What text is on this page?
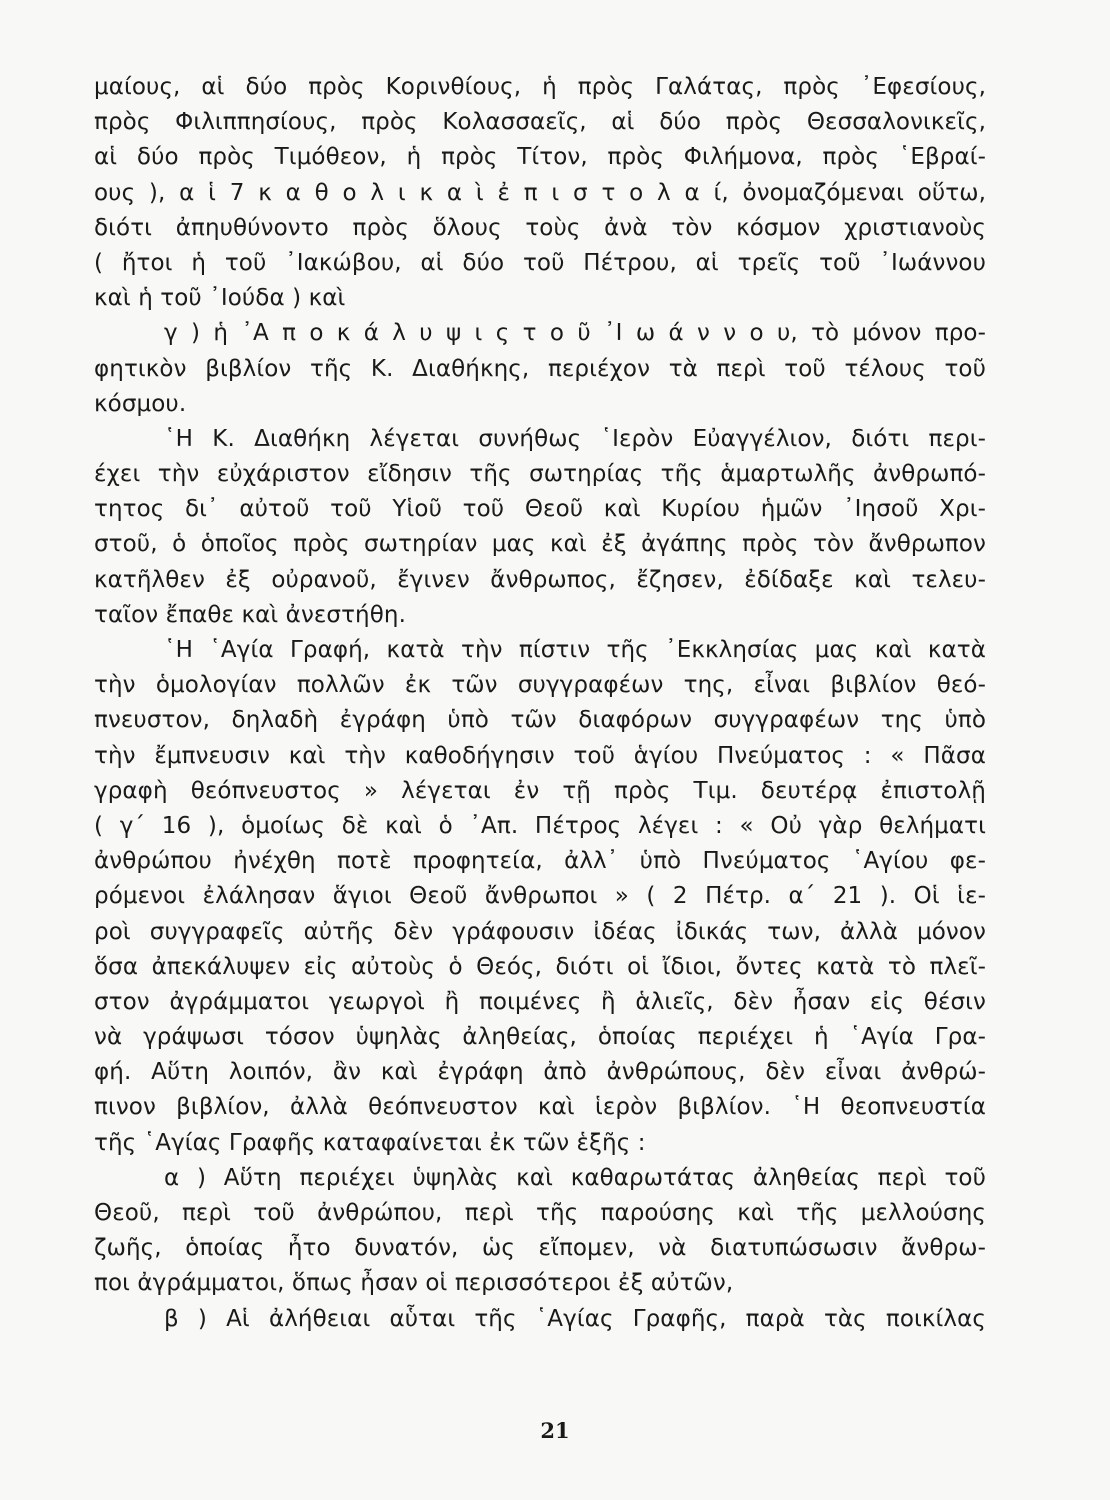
μαίους, αἱ δύο πρὸς Κορινθίους, ἡ πρὸς Γαλάτας, πρὸς ᾿Εφεσίους,
πρὸς Φιλιππησίους, πρὸς Κολασσαεῖς, αἱ δύο πρὸς Θεσσαλονικεῖς,
αἱ δύο πρὸς Τιμόθεον, ἡ πρὸς Τίτον, πρὸς Φιλήμονα, πρὸς ῾Εβραί-
ους ), α ἱ 7 κ α θ ο λ ι κ α ὶ ἐ π ι σ τ ο λ α ί, ὀνομαζόμεναι οὕτω,
διότι ἀπηυθύνοντο πρὸς ὅλους τοὺς ἀνὰ τὸν κόσμον χριστιανοὺς
( ἤτοι ἡ τοῦ ᾿Ιακώβου, αἱ δύο τοῦ Πέτρου, αἱ τρεῖς τοῦ ᾿Ιωάννου
καὶ ἡ τοῦ ᾿Ιούδα ) καὶ
γ ) ἡ ᾿Α π ο κ ά λ υ ψ ι ς τ ο ῦ ᾿Ι ω ά ν ν ο υ, τὸ μόνον προ-
φητικὸν βιβλίον τῆς Κ. Διαθήκης, περιέχον τὰ περὶ τοῦ τέλους τοῦ
κόσμου.
῾Η Κ. Διαθήκη λέγεται συνήθως ῾Ιερὸν Εὐαγγέλιον, διότι περι-
έχει τὴν εὐχάριστον εἴδησιν τῆς σωτηρίας τῆς ἁμαρτωλῆς ἀνθρωπό-
τητος δι᾿ αὐτοῦ τοῦ Υἱοῦ τοῦ Θεοῦ καὶ Κυρίου ἡμῶν ᾿Ιησοῦ Χρι-
στοῦ, ὁ ὁποῖος πρὸς σωτηρίαν μας καὶ ἐξ ἀγάπης πρὸς τὸν ἄνθρωπον
κατῆλθεν ἐξ οὐρανοῦ, ἔγινεν ἄνθρωπος, ἔζησεν, ἐδίδαξε καὶ τελευ-
ταῖον ἔπαθε καὶ ἀνεστήθη.
῾Η ῾Αγία Γραφή, κατὰ τὴν πίστιν τῆς ᾿Εκκλησίας μας καὶ κατὰ
τὴν ὁμολογίαν πολλῶν ἐκ τῶν συγγραφέων της, εἶναι βιβλίον θεό-
πνευστον, δηλαδὴ ἐγράφη ὑπὸ τῶν διαφόρων συγγραφέων της ὑπὸ
τὴν ἔμπνευσιν καὶ τὴν καθοδήγησιν τοῦ ἁγίου Πνεύματος : « Πᾶσα
γραφὴ θεόπνευστος » λέγεται ἐν τῇ πρὸς Τιμ. δευτέρᾳ ἐπιστολῇ
( γ΄ 16 ), ὁμοίως δὲ καὶ ὁ ᾿Απ. Πέτρος λέγει : « Οὐ γὰρ θελήματι
ἀνθρώπου ἠνέχθη ποτὲ προφητεία, ἀλλ᾿ ὑπὸ Πνεύματος ῾Αγίου φε-
ρόμενοι ἐλάλησαν ἅγιοι Θεοῦ ἄνθρωποι » ( 2 Πέτρ. α΄ 21 ). Οἱ ἱε-
ροὶ συγγραφεῖς αὐτῆς δὲν γράφουσιν ἰδέας ἰδικάς των, ἀλλὰ μόνον
ὅσα ἀπεκάλυψεν εἰς αὐτοὺς ὁ Θεός, διότι οἱ ἴδιοι, ὄντες κατὰ τὸ πλεῖ-
στον ἀγράμματοι γεωργοὶ ἢ ποιμένες ἢ ἁλιεῖς, δὲν ἦσαν εἰς θέσιν
νὰ γράψωσι τόσον ὑψηλὰς ἀληθείας, ὁποίας περιέχει ἡ ῾Αγία Γρα-
φή. Αὕτη λοιπόν, ἂν καὶ ἐγράφη ἀπὸ ἀνθρώπους, δὲν εἶναι ἀνθρώ-
πινον βιβλίον, ἀλλὰ θεόπνευστον καὶ ἱερὸν βιβλίον. ῾Η θεοπνευστία
τῆς ῾Αγίας Γραφῆς καταφαίνεται ἐκ τῶν ἑξῆς :
α ) Αὕτη περιέχει ὑψηλὰς καὶ καθαρωτάτας ἀληθείας περὶ τοῦ
Θεοῦ, περὶ τοῦ ἀνθρώπου, περὶ τῆς παρούσης καὶ τῆς μελλούσης
ζωῆς, ὁποίας ἦτο δυνατόν, ὡς εἴπομεν, νὰ διατυπώσωσιν ἄνθρω-
ποι ἀγράμματοι, ὅπως ἦσαν οἱ περισσότεροι ἐξ αὐτῶν,
β ) Αἱ ἀλήθειαι αὗται τῆς ῾Αγίας Γραφῆς, παρὰ τὰς ποικίλας
21
